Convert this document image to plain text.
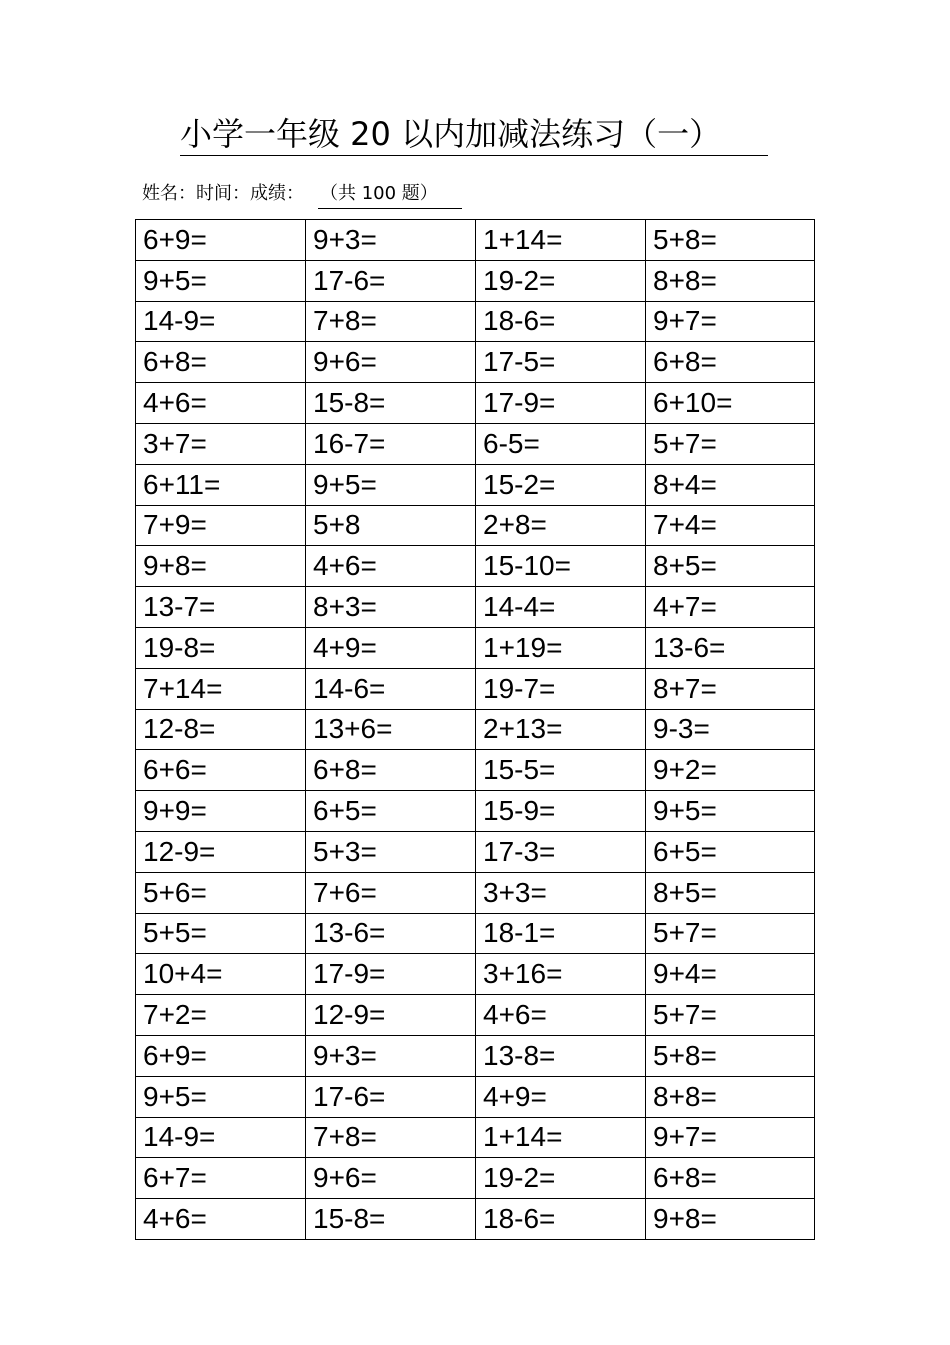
小学一年级 20 以内加减法练习（一）
姓名：时间：成绩： （共 100 题）
6+9=	9+3=	1+14=	5+8=
9+5=	17-6=	19-2=	8+8=
14-9=	7+8=	18-6=	9+7=
6+8=	9+6=	17-5=	6+8=
4+6=	15-8=	17-9=	6+10=
3+7=	16-7=	6-5=	5+7=
6+11=	9+5=	15-2=	8+4=
7+9=	5+8	2+8=	7+4=
9+8=	4+6=	15-10=	8+5=
13-7=	8+3=	14-4=	4+7=
19-8=	4+9=	1+19=	13-6=
7+14=	14-6=	19-7=	8+7=
12-8=	13+6=	2+13=	9-3=
6+6=	6+8=	15-5=	9+2=
9+9=	6+5=	15-9=	9+5=
12-9=	5+3=	17-3=	6+5=
5+6=	7+6=	3+3=	8+5=
5+5=	13-6=	18-1=	5+7=
10+4=	17-9=	3+16=	9+4=
7+2=	12-9=	4+6=	5+7=
6+9=	9+3=	13-8=	5+8=
9+5=	17-6=	4+9=	8+8=
14-9=	7+8=	1+14=	9+7=
6+7=	9+6=	19-2=	6+8=
4+6=	15-8=	18-6=	9+8=
